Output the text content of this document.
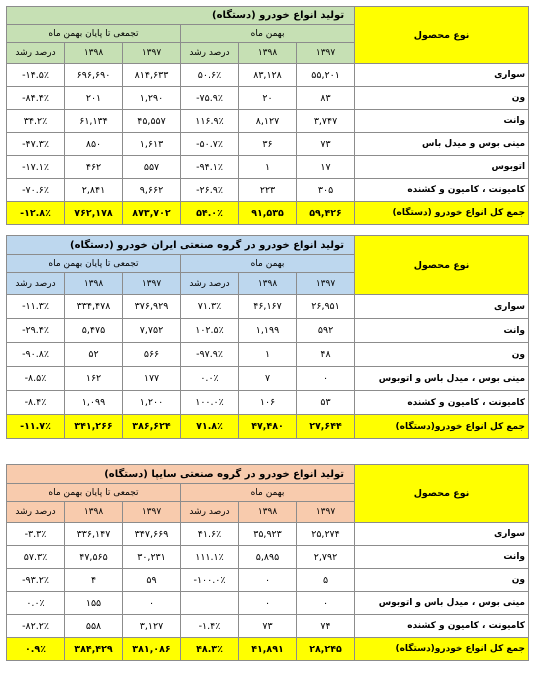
تولید انواع خودرو (دستگاه)						نوع محصول
تجمعی تا پایان بهمن ماه			بهمن ماه			
درصد رشد	۱۳۹۸	۱۳۹۷	درصد رشد	۱۳۹۸	۱۳۹۷	
-۱۴.۵٪	۶۹۶,۶۹۰	۸۱۴,۶۳۳	۵۰.۶٪	۸۳,۱۲۸	۵۵,۲۰۱	سواری
-۸۴.۴٪	۲۰۱	۱,۲۹۰	-۷۵.۹٪	۲۰	۸۳	ون
۳۴.۲٪	۶۱,۱۳۴	۴۵,۵۵۷	۱۱۶.۹٪	۸,۱۲۷	۳,۷۴۷	وانت
-۴۷.۳٪	۸۵۰	۱,۶۱۳	-۵۰.۷٪	۳۶	۷۳	مینی بوس و میدل باس
-۱۷.۱٪	۴۶۲	۵۵۷	-۹۴.۱٪	۱	۱۷	اتوبوس
-۷۰.۶٪	۲,۸۴۱	۹,۶۶۲	-۲۶.۹٪	۲۲۳	۳۰۵	کامیونت ، کامیون و کشنده
-۱۲.۸٪	۷۶۲,۱۷۸	۸۷۳,۷۰۲	۵۴.۰٪	۹۱,۵۳۵	۵۹,۴۲۶	جمع کل انواع خودرو (دستگاه)
تولید انواع خودرو در گروه صنعتی ایران خودرو (دستگاه)						نوع محصول
تجمعی تا پایان بهمن ماه			بهمن ماه			
درصد رشد	۱۳۹۸	۱۳۹۷	درصد رشد	۱۳۹۸	۱۳۹۷	
-۱۱.۳٪	۳۳۴,۴۷۸	۳۷۶,۹۲۹	۷۱.۳٪	۴۶,۱۶۷	۲۶,۹۵۱	سواری
-۲۹.۴٪	۵,۴۷۵	۷,۷۵۲	۱۰۲.۵٪	۱,۱۹۹	۵۹۲	وانت
-۹۰.۸٪	۵۲	۵۶۶	-۹۷.۹٪	۱	۴۸	ون
-۸.۵٪	۱۶۲	۱۷۷	۰.۰٪	۷	۰	مینی بوس ، میدل باس و اتوبوس
-۸.۴٪	۱,۰۹۹	۱,۲۰۰	۱۰۰.۰٪	۱۰۶	۵۳	کامیونت ، کامیون و کشنده
-۱۱.۷٪	۳۴۱,۲۶۶	۳۸۶,۶۲۴	۷۱.۸٪	۴۷,۴۸۰	۲۷,۶۴۴	جمع کل انواع خودرو(دستگاه)
تولید انواع خودرو در گروه صنعتی سایپا (دستگاه)						نوع محصول
تجمعی تا پایان بهمن ماه			بهمن ماه			
درصد رشد	۱۳۹۸	۱۳۹۷	درصد رشد	۱۳۹۸	۱۳۹۷	
-۳.۳٪	۳۳۶,۱۴۷	۳۴۷,۶۶۹	۴۱.۶٪	۳۵,۹۲۳	۲۵,۲۷۴	سواری
۵۷.۳٪	۴۷,۵۶۵	۳۰,۲۳۱	۱۱۱.۱٪	۵,۸۹۵	۲,۷۹۲	وانت
-۹۳.۲٪	۴	۵۹	-۱۰۰.۰٪	۰	۵	ون
۰.۰٪	۱۵۵	۰		۰	۰	مینی بوس ، میدل باس و اتوبوس
-۸۲.۲٪	۵۵۸	۳,۱۲۷	-۱.۴٪	۷۳	۷۴	کامیونت ، کامیون و کشنده
۰.۹٪	۳۸۴,۴۲۹	۳۸۱,۰۸۶	۴۸.۳٪	۴۱,۸۹۱	۲۸,۲۴۵	جمع کل انواع خودرو(دستگاه)
